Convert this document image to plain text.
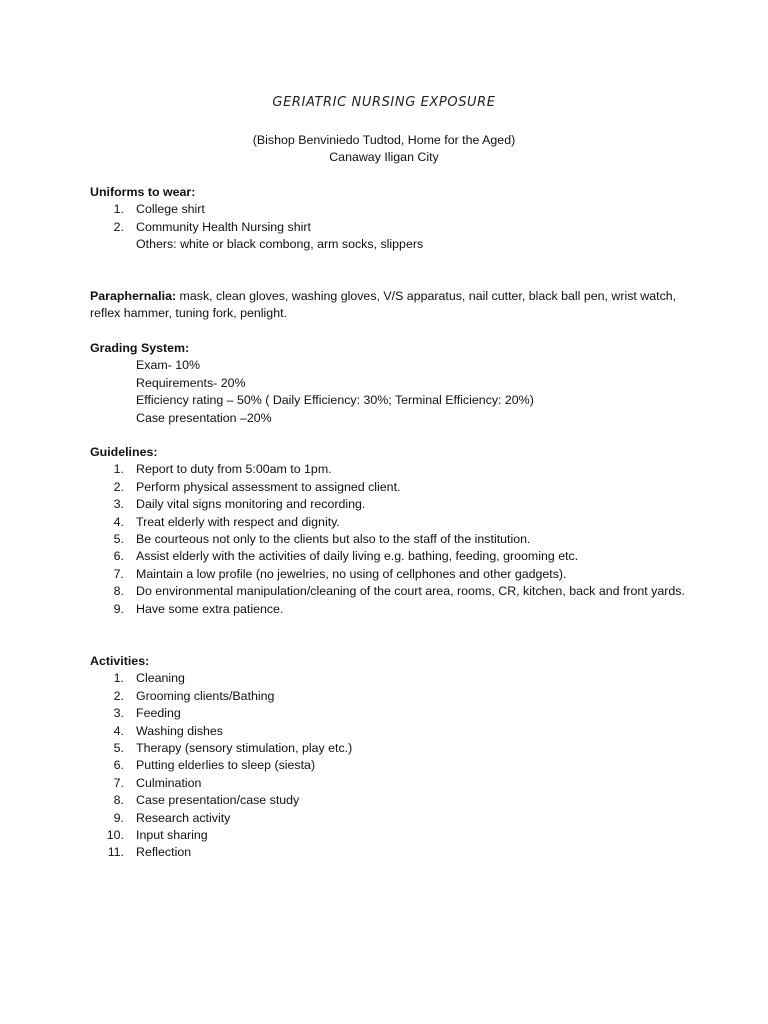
GERIATRIC NURSING EXPOSURE
(Bishop Benviniedo Tudtod, Home for the Aged)
Canaway Iligan City
Uniforms to wear:
1. College shirt
2. Community Health Nursing shirt
Others: white or black combong, arm socks, slippers
Paraphernalia: mask, clean gloves, washing gloves, V/S apparatus, nail cutter, black ball pen, wrist watch, reflex hammer, tuning fork, penlight.
Grading System:
Exam- 10%
Requirements- 20%
Efficiency rating – 50% ( Daily Efficiency: 30%; Terminal Efficiency: 20%)
Case presentation –20%
Guidelines:
1. Report to duty from 5:00am to 1pm.
2. Perform physical assessment to assigned client.
3. Daily vital signs monitoring and recording.
4. Treat elderly with respect and dignity.
5. Be courteous not only to the clients but also to the staff of the institution.
6. Assist elderly with the activities of daily living e.g. bathing, feeding, grooming etc.
7. Maintain a low profile (no jewelries, no using of cellphones and other gadgets).
8. Do environmental manipulation/cleaning of the court area, rooms, CR, kitchen, back and front yards.
9. Have some extra patience.
Activities:
1. Cleaning
2. Grooming clients/Bathing
3. Feeding
4. Washing dishes
5. Therapy (sensory stimulation, play etc.)
6. Putting elderlies to sleep (siesta)
7. Culmination
8. Case presentation/case study
9. Research activity
10. Input sharing
11. Reflection
